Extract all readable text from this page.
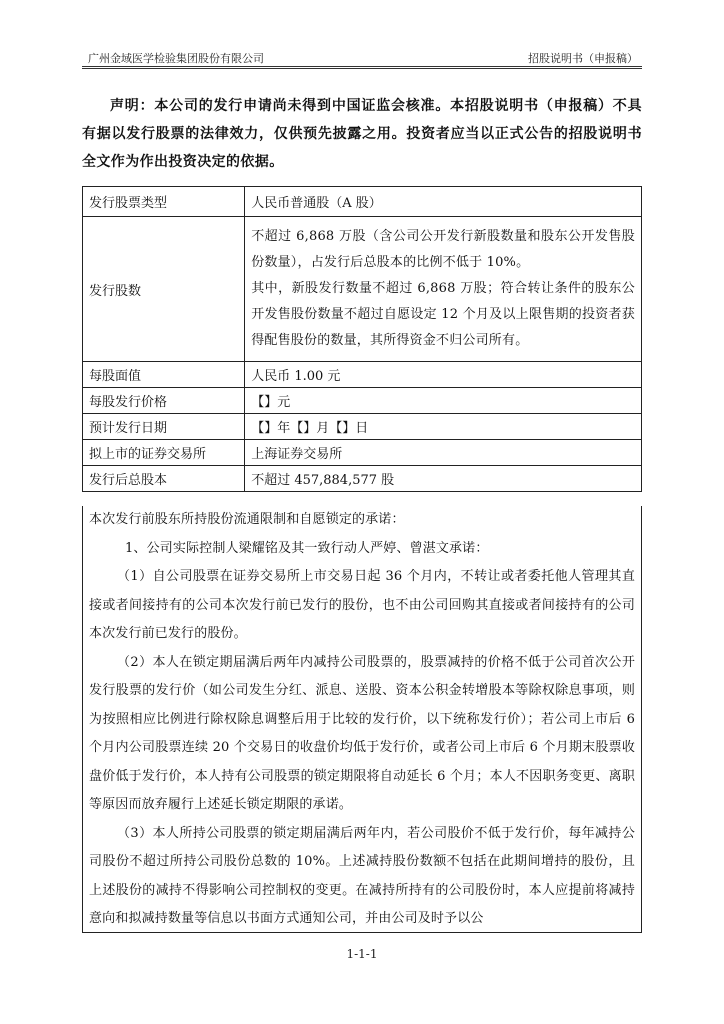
广州金域医学检验集团股份有限公司	招股说明书（申报稿）
声明：本公司的发行申请尚未得到中国证监会核准。本招股说明书（申报稿）不具有据以发行股票的法律效力，仅供预先披露之用。投资者应当以正式公告的招股说明书全文作为作出投资决定的依据。
发行股票类型	人民币普通股（A 股）
发行股数	不超过 6,868 万股（含公司公开发行新股数量和股东公开发售股份数量），占发行后总股本的比例不低于 10%。

其中，新股发行数量不超过 6,868 万股；符合转让条件的股东公开发售股份数量不超过自愿设定 12 个月及以上限售期的投资者获得配售股份的数量，其所得资金不归公司所有。

每股面值	人民币 1.00 元
每股发行价格	【】元
预计发行日期	【】年【】月【】日
拟上市的证券交易所	上海证券交易所
发行后总股本	不超过 457,884,577 股

本次发行前股东所持股份流通限制和自愿锁定的承诺：

1、公司实际控制人梁耀铭及其一致行动人严婷、曾湛文承诺：

（1）自公司股票在证券交易所上市交易日起 36 个月内，不转让或者委托他人管理其直接或者间接持有的公司本次发行前已发行的股份，也不由公司回购其直接或者间接持有的公司本次发行前已发行的股份。

（2）本人在锁定期届满后两年内减持公司股票的，股票减持的价格不低于公司首次公开发行股票的发行价（如公司发生分红、派息、送股、资本公积金转增股本等除权除息事项，则为按照相应比例进行除权除息调整后用于比较的发行价，以下统称发行价）；若公司上市后 6 个月内公司股票连续 20 个交易日的收盘价均低于发行价，或者公司上市后 6 个月期末股票收盘价低于发行价，本人持有公司股票的锁定期限将自动延长 6 个月；本人不因职务变更、离职等原因而放弃履行上述延长锁定期限的承诺。

（3）本人所持公司股票的锁定期届满后两年内，若公司股价不低于发行价，每年减持公司股份不超过所持公司股份总数的 10%。上述减持股份数额不包括在此期间增持的股份，且上述股份的减持不得影响公司控制权的变更。在减持所持有的公司股份时，本人应提前将减持意向和拟减持数量等信息以书面方式通知公司，并由公司及时予以公

1-1-1
